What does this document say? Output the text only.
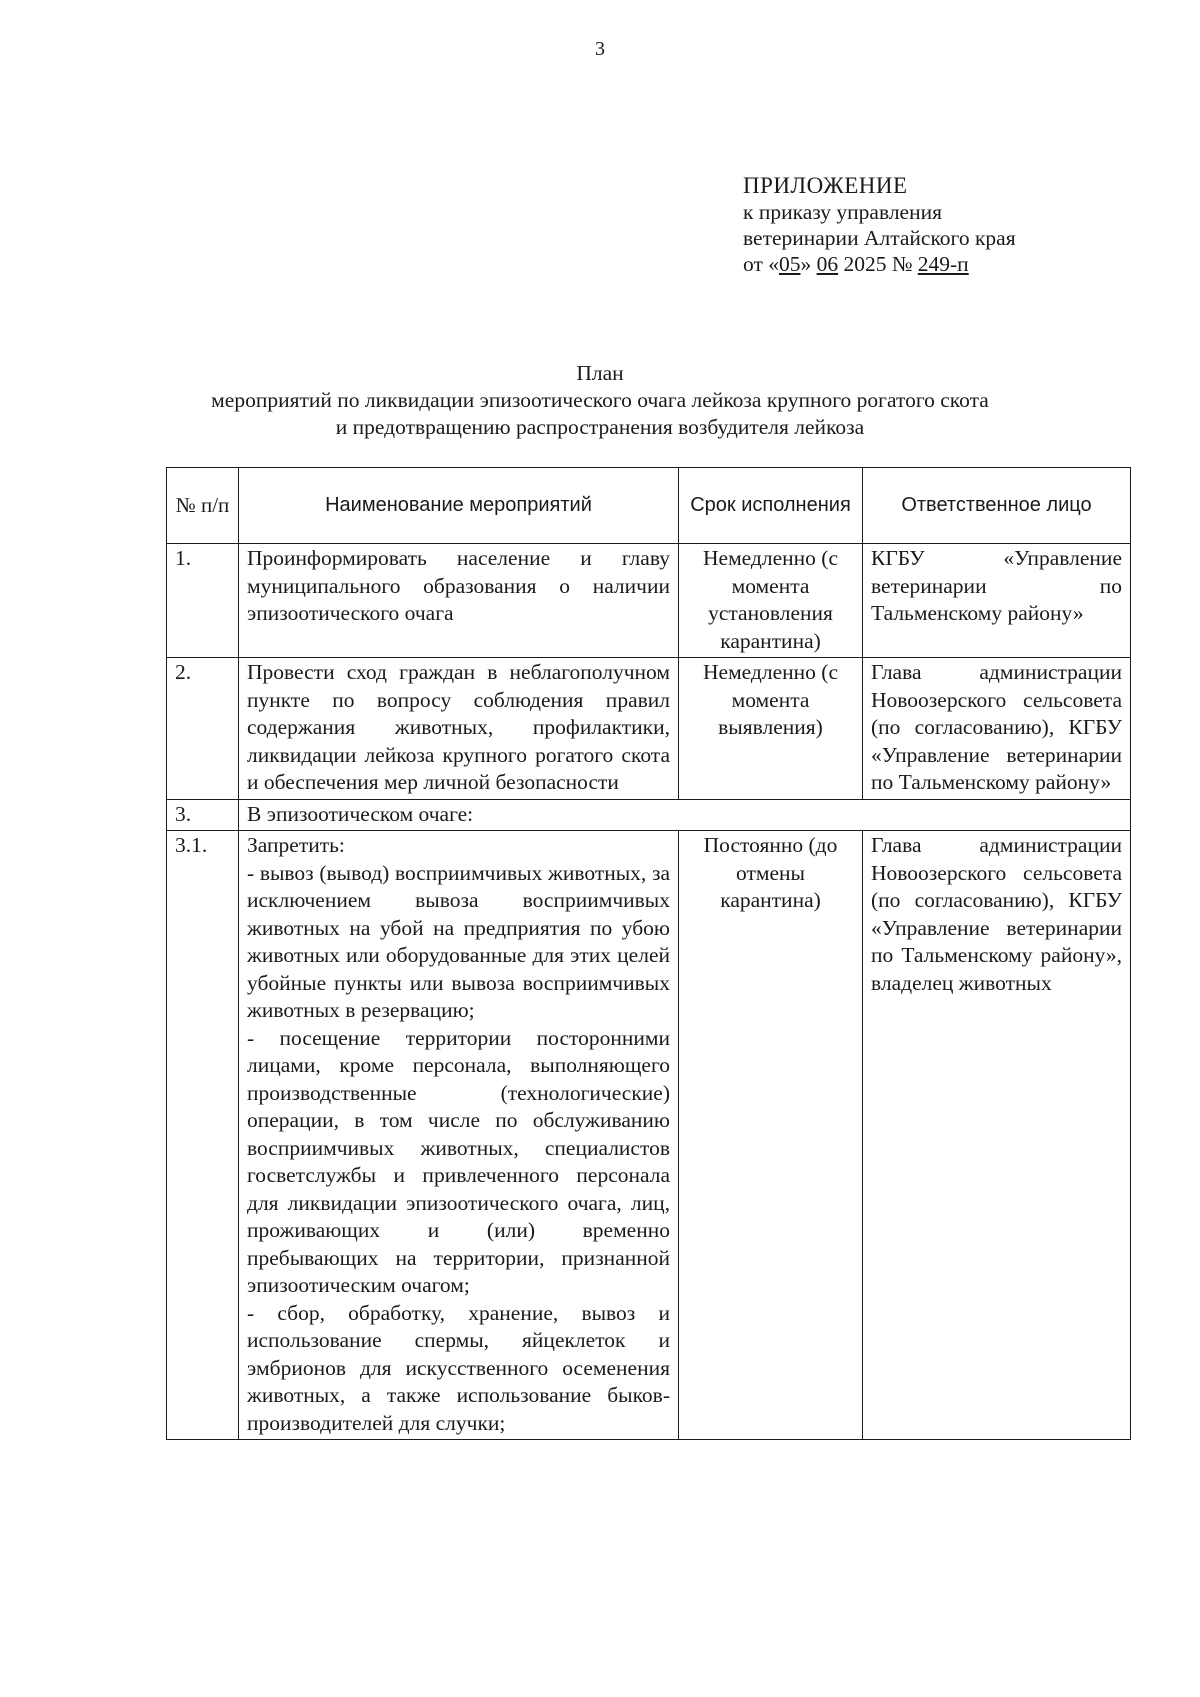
3
ПРИЛОЖЕНИЕ
к приказу управления
ветеринарии Алтайского края
от «05» 06 2025 № 249-п
План
мероприятий по ликвидации эпизоотического очага лейкоза крупного рогатого скота
и предотвращению распространения возбудителя лейкоза
№ п/п	Наименование мероприятий	Срок исполнения	Ответственное лицо
1.	Проинформировать население и главу муниципального образования о наличии эпизоотического очага	Немедленно (с момента установления карантина)	КГБУ «Управление ветеринарии по Тальменскому району»
2.	Провести сход граждан в неблагополучном пункте по вопросу соблюдения правил содержания животных, профилактики, ликвидации лейкоза крупного рогатого скота и обеспечения мер личной безопасности	Немедленно (с момента выявления)	Глава администрации Новоозерского сельсовета (по согласованию), КГБУ «Управление ветеринарии по Тальменскому району»
3.	В эпизоотическом очаге:		
3.1.	Запретить:
- вывоз (вывод) восприимчивых животных, за исключением вывоза восприимчивых животных на убой на предприятия по убою животных или оборудованные для этих целей убойные пункты или вывоза восприимчивых животных в резервацию;
- посещение территории посторонними лицами, кроме персонала, выполняющего производственные (технологические) операции, в том числе по обслуживанию восприимчивых животных, специалистов госветслужбы и привлеченного персонала для ликвидации эпизоотического очага, лиц, проживающих и (или) временно пребывающих на территории, признанной эпизоотическим очагом;
- сбор, обработку, хранение, вывоз и использование спермы, яйцеклеток и эмбрионов для искусственного осеменения животных, а также использование быков-производителей для случки;	Постоянно (до отмены карантина)	Глава администрации Новоозерского сельсовета (по согласованию), КГБУ «Управление ветеринарии по Тальменскому району», владелец животных
